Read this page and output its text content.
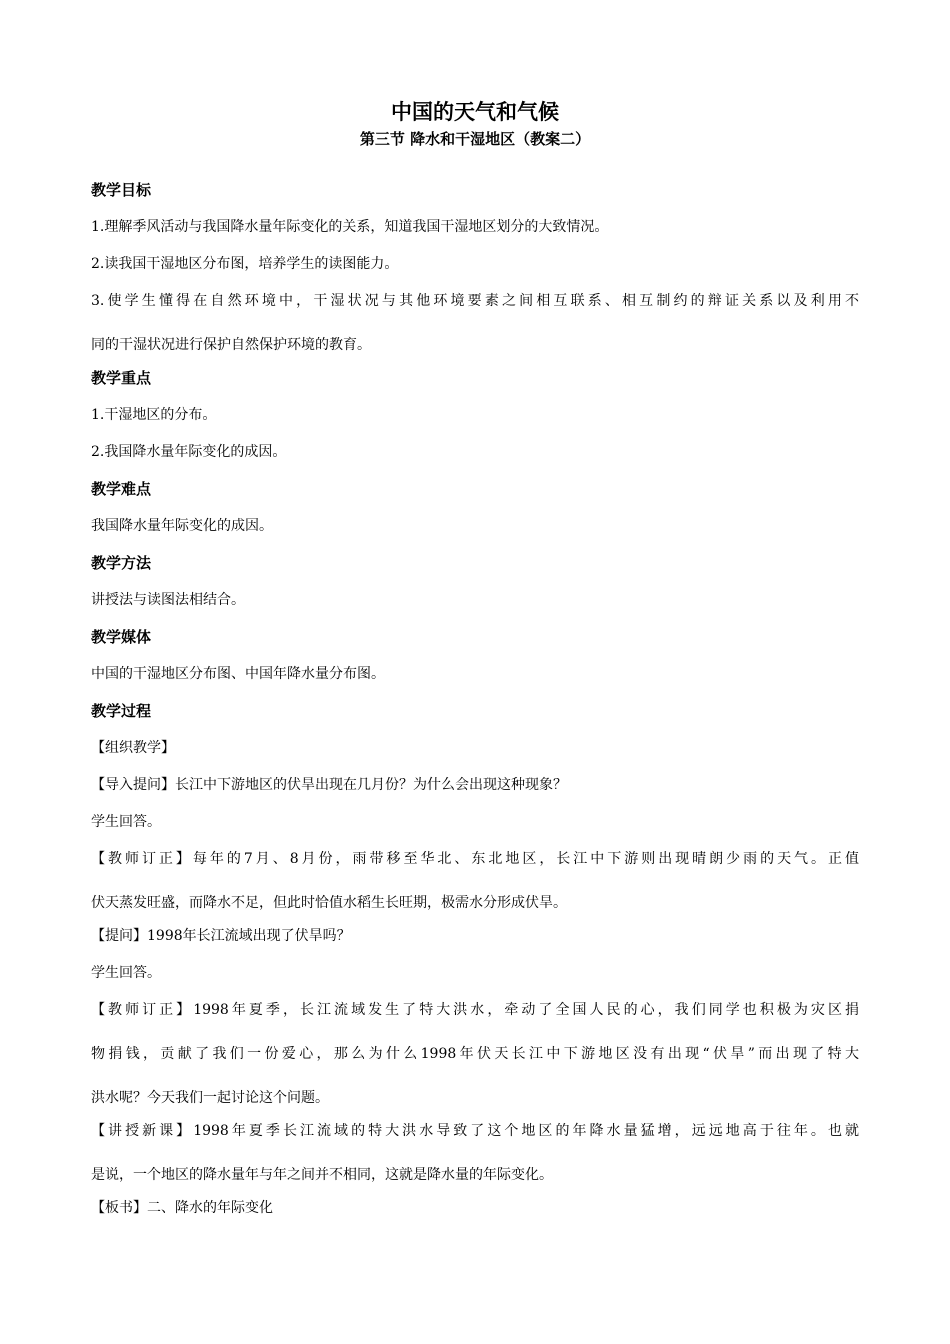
中国的天气和气候
第三节 降水和干湿地区（教案二）
教学目标
1.理解季风活动与我国降水量年际变化的关系，知道我国干湿地区划分的大致情况。
2.读我国干湿地区分布图，培养学生的读图能力。
3.使学生懂得在自然环境中，干湿状况与其他环境要素之间相互联系、相互制约的辩证关系以及利用不
同的干湿状况进行保护自然保护环境的教育。
教学重点
1.干湿地区的分布。
2.我国降水量年际变化的成因。
教学难点
我国降水量年际变化的成因。
教学方法
讲授法与读图法相结合。
教学媒体
中国的干湿地区分布图、中国年降水量分布图。
教学过程
【组织教学】
【导入提问】长江中下游地区的伏旱出现在几月份？为什么会出现这种现象？
学生回答。
【教师订正】每年的7月、8月份，雨带移至华北、东北地区，长江中下游则出现晴朗少雨的天气。正值
伏天蒸发旺盛，而降水不足，但此时恰值水稻生长旺期，极需水分形成伏旱。
【提问】1998年长江流域出现了伏旱吗？
学生回答。
【教师订正】1998年夏季，长江流域发生了特大洪水，牵动了全国人民的心，我们同学也积极为灾区捐
物捐钱，贡献了我们一份爱心，那么为什么1998年伏天长江中下游地区没有出现“伏旱”而出现了特大
洪水呢？今天我们一起讨论这个问题。
【讲授新课】1998年夏季长江流域的特大洪水导致了这个地区的年降水量猛增，远远地高于往年。也就
是说，一个地区的降水量年与年之间并不相同，这就是降水量的年际变化。
【板书】二、降水的年际变化
